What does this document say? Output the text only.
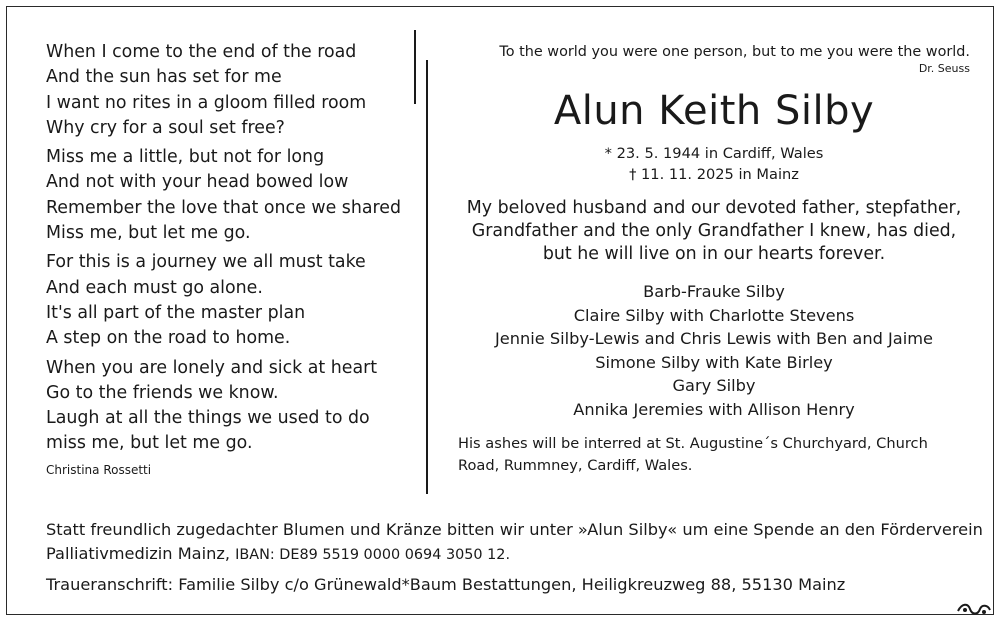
When I come to the end of the road
And the sun has set for me
I want no rites in a gloom filled room
Why cry for a soul set free?
Miss me a little, but not for long
And not with your head bowed low
Remember the love that once we shared
Miss me, but let me go.
For this is a journey we all must take
And each must go alone.
It's all part of the master plan
A step on the road to home.
When you are lonely and sick at heart
Go to the friends we know.
Laugh at all the things we used to do
miss me, but let me go.
Christina Rossetti
To the world you were one person, but to me you were the world.
Dr. Seuss
Alun Keith Silby
* 23. 5. 1944 in Cardiff, Wales
† 11. 11. 2025 in Mainz
My beloved husband and our devoted father, stepfather,
Grandfather and the only Grandfather I knew, has died,
but he will live on in our hearts forever.
Barb-Frauke Silby
Claire Silby with Charlotte Stevens
Jennie Silby-Lewis and Chris Lewis with Ben and Jaime
Simone Silby with Kate Birley
Gary Silby
Annika Jeremies with Allison Henry
His ashes will be interred at St. Augustine´s Churchyard, Church Road, Rummney, Cardiff, Wales.
Statt freundlich zugedachter Blumen und Kränze bitten wir unter »Alun Silby« um eine Spende an den Förderverein
Palliativmedizin Mainz, IBAN: DE89 5519 0000 0694 3050 12.
Traueranschrift: Familie Silby c/o Grünewald*Baum Bestattungen, Heiligkreuzweg 88, 55130 Mainz
